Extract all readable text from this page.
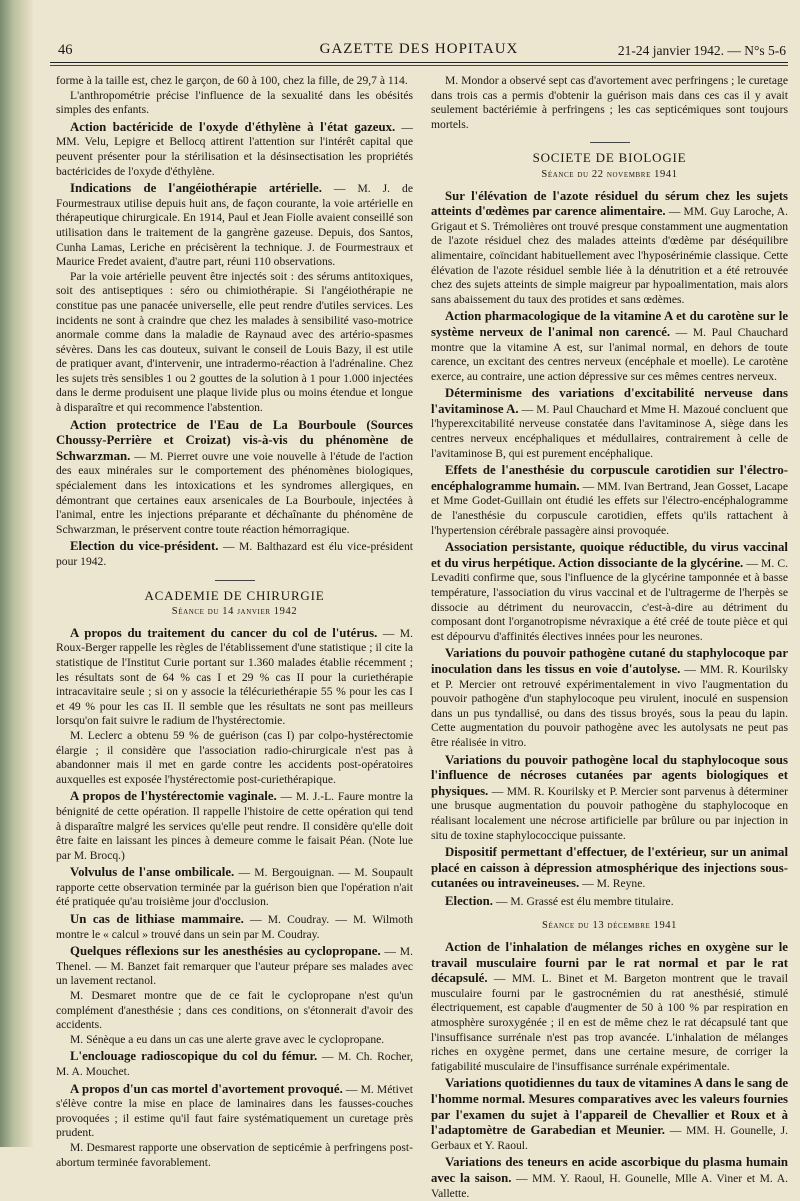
46	GAZETTE DES HOPITAUX	21-24 janvier 1942. — N°s 5-6

forme à la taille est, chez le garçon, de 60 à 100, chez la fille, de 29,7 à 114.

L'anthropométrie précise l'influence de la sexualité dans les obésités simples des enfants.

Action bactéricide de l'oxyde d'éthylène à l'état gazeux. — MM. Velu, Lepigre et Bellocq attirent l'attention sur l'intérêt capital que peuvent présenter pour la stérilisation et la désinsectisation les propriétés bactéricides de l'oxyde d'éthylène.

Indications de l'angéiothérapie artérielle. — M. J. de Fourmestraux utilise depuis huit ans, de façon courante, la voie artérielle en thérapeutique chirurgicale. En 1914, Paul et Jean Fiolle avaient conseillé son utilisation dans le traitement de la gangrène gazeuse. Depuis, dos Santos, Cunha Lamas, Leriche en précisèrent la technique. J. de Fourmestraux et Maurice Fredet avaient, d'autre part, réuni 110 observations.

Par la voie artérielle peuvent être injectés soit : des sérums antitoxiques, soit des antiseptiques : séro ou chimiothérapie. Si l'angéiothérapie ne constitue pas une panacée universelle, elle peut rendre d'utiles services. Les incidents ne sont à craindre que chez les malades à sensibilité vaso-motrice anormale comme dans la maladie de Raynaud avec des artério-spasmes sévères. Dans les cas douteux, suivant le conseil de Louis Bazy, il est utile de pratiquer avant, d'intervenir, une intradermo-réaction à l'adrénaline. Chez les sujets très sensibles 1 ou 2 gouttes de la solution à 1 pour 1.000 injectées dans le derme produisent une plaque livide plus ou moins étendue et longue à disparaître et qui recommence l'abstention.

Action protectrice de l'Eau de La Bourboule (Sources Choussy-Perrière et Croizat) vis-à-vis du phénomène de Schwarzman. — M. Pierret ouvre une voie nouvelle à l'étude de l'action des eaux minérales sur le comportement des phénomènes biologiques, spécialement dans les intoxications et les syndromes allergiques, en démontrant que certaines eaux arsenicales de La Bourboule, injectées à l'animal, entre les injections préparante et déchaînante du phénomène de Schwarzman, le préservent contre toute réaction hémorragique.

Election du vice-président. — M. Balthazard est élu vice-président pour 1942.

ACADEMIE DE CHIRURGIE
Séance du 14 janvier 1942

A propos du traitement du cancer du col de l'utérus. — M. Roux-Berger rappelle les règles de l'établissement d'une statistique ; il cite la statistique de l'Institut Curie portant sur 1.360 malades établie récemment ; les résultats sont de 64 % cas I et 29 % cas II pour la curiethérapie intracavitaire seule ; si on y associe la télécuriethérapie 55 % pour les cas I et 49 % pour les cas II. Il semble que les résultats ne sont pas meilleurs lorsqu'on fait suivre le radium de l'hystérectomie.

M. Leclerc a obtenu 59 % de guérison (cas I) par colpo-hystérectomie élargie ; il considère que l'association radio-chirurgicale n'est pas à abandonner mais il met en garde contre les accidents post-opératoires auxquelles est exposée l'hystérectomie post-curiethérapique.

A propos de l'hystérectomie vaginale. — M. J.-L. Faure montre la bénignité de cette opération. Il rappelle l'histoire de cette opération qui tend à disparaître malgré les services qu'elle peut rendre. Il considère qu'elle doit être faite en laissant les pinces à demeure comme le faisait Péan. (Note lue par M. Brocq.)

Volvulus de l'anse ombilicale. — M. Bergouignan. — M. Soupault rapporte cette observation terminée par la guérison bien que l'opération n'ait été pratiquée qu'au troisième jour d'occlusion.

Un cas de lithiase mammaire. — M. Coudray. — M. Wilmoth montre le « calcul » trouvé dans un sein par M. Coudray.

Quelques réflexions sur les anesthésies au cyclopropane. — M. Thenel. — M. Banzet fait remarquer que l'auteur prépare ses malades avec un lavement rectanol.

M. Desmaret montre que de ce fait le cyclopropane n'est qu'un complément d'anesthésie ; dans ces conditions, on s'étonnerait d'avoir des accidents.

M. Sénèque a eu dans un cas une alerte grave avec le cyclopropane.

L'enclouage radioscopique du col du fémur. — M. Ch. Rocher, M. A. Mouchet.

A propos d'un cas mortel d'avortement provoqué. — M. Métivet s'élève contre la mise en place de laminaires dans les fausses-couches provoquées ; il estime qu'il faut faire systématiquement un curetage près prudent.

M. Desmarest rapporte une observation de septicémie à perfringens post-abortum terminée favorablement.

M. Mondor a observé sept cas d'avortement avec perfringens ; le curetage dans trois cas a permis d'obtenir la guérison mais dans ces cas il y avait seulement bactériémie à perfringens ; les cas septicémiques sont toujours mortels.

SOCIETE DE BIOLOGIE
Séance du 22 novembre 1941

Sur l'élévation de l'azote résiduel du sérum chez les sujets atteints d'œdèmes par carence alimentaire. — MM. Guy Laroche, A. Grigaut et S. Trémolières ont trouvé presque constamment une augmentation de l'azote résiduel chez des malades atteints d'œdème par déséquilibre alimentaire, coïncidant habituellement avec l'hyposérinémie classique. Cette élévation de l'azote résiduel semble liée à la dénutrition et a été retrouvée chez des sujets atteints de simple maigreur par hypoalimentation, mais alors sans abaissement du taux des protides et sans œdèmes.

Action pharmacologique de la vitamine A et du carotène sur le système nerveux de l'animal non carencé. — M. Paul Chauchard montre que la vitamine A est, sur l'animal normal, en dehors de toute carence, un excitant des centres nerveux (encéphale et moelle). Le carotène exerce, au contraire, une action dépressive sur ces mêmes centres nerveux.

Déterminisme des variations d'excitabilité nerveuse dans l'avitaminose A. — M. Paul Chauchard et Mme H. Mazoué concluent que l'hyperexcitabilité nerveuse constatée dans l'avitaminose A, siège dans les centres nerveux encéphaliques et médullaires, contrairement à celle de l'avitaminose B, qui est purement encéphalique.

Effets de l'anesthésie du corpuscule carotidien sur l'électro-encéphalogramme humain. — MM. Ivan Bertrand, Jean Gosset, Lacape et Mme Godet-Guillain ont étudié les effets sur l'électro-encéphalogramme de l'anesthésie du corpuscule carotidien, effets qu'ils rattachent à l'hypertension cérébrale passagère ainsi provoquée.

Association persistante, quoique réductible, du virus vaccinal et du virus herpétique. Action dissociante de la glycérine. — M. C. Levaditi confirme que, sous l'influence de la glycérine tamponnée et à basse température, l'association du virus vaccinal et de l'ultragerme de l'herpès se dissocie au détriment du neurovaccin, c'est-à-dire au détriment du composant dont l'organotropisme névraxique a été créé de toute pièce et qui est dépourvu d'affinités électives innées pour les neurones.

Variations du pouvoir pathogène cutané du staphylocoque par inoculation dans les tissus en voie d'autolyse. — MM. R. Kourilsky et P. Mercier ont retrouvé expérimentalement in vivo l'augmentation du pouvoir pathogène d'un staphylocoque peu virulent, inoculé en suspension dans un pus tyndallisé, ou dans des tissus broyés, sous la peau du lapin. Cette augmentation du pouvoir pathogène avec les autolysats ne peut pas être réalisée in vitro.

Variations du pouvoir pathogène local du staphylocoque sous l'influence de nécroses cutanées par agents biologiques et physiques. — MM. R. Kourilsky et P. Mercier sont parvenus à déterminer une brusque augmentation du pouvoir pathogène du staphylocoque en réalisant localement une nécrose artificielle par brûlure ou par injection in situ de toxine staphylococcique puissante.

Dispositif permettant d'effectuer, de l'extérieur, sur un animal placé en caisson à dépression atmosphérique des injections sous-cutanées ou intraveineuses. — M. Reyne.

Election. — M. Grassé est élu membre titulaire.

Séance du 13 décembre 1941

Action de l'inhalation de mélanges riches en oxygène sur le travail musculaire fourni par le rat normal et par le rat décapsulé. — MM. L. Binet et M. Bargeton montrent que le travail musculaire fourni par le gastrocnémien du rat anesthésié, stimulé électriquement, est capable d'augmenter de 50 à 100 % par respiration en atmosphère suroxygénée ; il en est de même chez le rat décapsulé tant que l'insuffisance surrénale n'est pas trop avancée. L'inhalation de mélanges riches en oxygène permet, dans une certaine mesure, de corriger la fatigabilité musculaire de l'insuffisance surrénale expérimentale.

Variations quotidiennes du taux de vitamines A dans le sang de l'homme normal. Mesures comparatives avec les valeurs fournies par l'examen du sujet à l'appareil de Chevallier et Roux et à l'adaptomètre de Garabedian et Meunier. — MM. H. Gounelle, J. Gerbaux et Y. Raoul.

Variations des teneurs en acide ascorbique du plasma humain avec la saison. — MM. Y. Raoul, H. Gounelle, Mlle A. Viner et M. A. Vallette.
